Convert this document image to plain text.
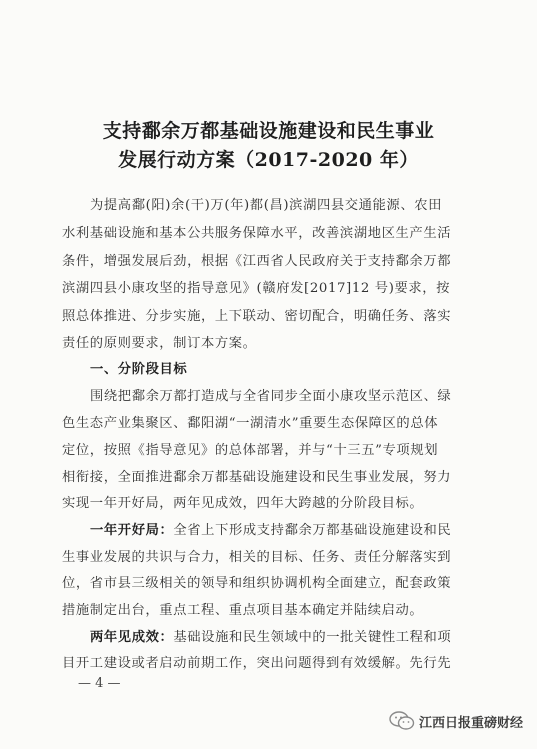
支持鄱余万都基础设施建设和民生事业
发展行动方案（2017-2020 年）
为提高鄱(阳)余(干)万(年)都(昌)滨湖四县交通能源、农田
水利基础设施和基本公共服务保障水平，改善滨湖地区生产生活
条件，增强发展后劲，根据《江西省人民政府关于支持鄱余万都
滨湖四县小康攻坚的指导意见》(赣府发[2017]12 号)要求，按
照总体推进、分步实施，上下联动、密切配合，明确任务、落实
责任的原则要求，制订本方案。
一、分阶段目标
围绕把鄱余万都打造成与全省同步全面小康攻坚示范区、绿
色生态产业集聚区、鄱阳湖“一湖清水”重要生态保障区的总体
定位，按照《指导意见》的总体部署，并与“十三五”专项规划
相衔接，全面推进鄱余万都基础设施建设和民生事业发展，努力
实现一年开好局，两年见成效，四年大跨越的分阶段目标。
一年开好局：全省上下形成支持鄱余万都基础设施建设和民
生事业发展的共识与合力，相关的目标、任务、责任分解落实到
位，省市县三级相关的领导和组织协调机构全面建立，配套政策
措施制定出台，重点工程、重点项目基本确定并陆续启动。
两年见成效：基础设施和民生领域中的一批关键性工程和项
目开工建设或者启动前期工作，突出问题得到有效缓解。先行先
— 4 —
江西日报重磅财经
